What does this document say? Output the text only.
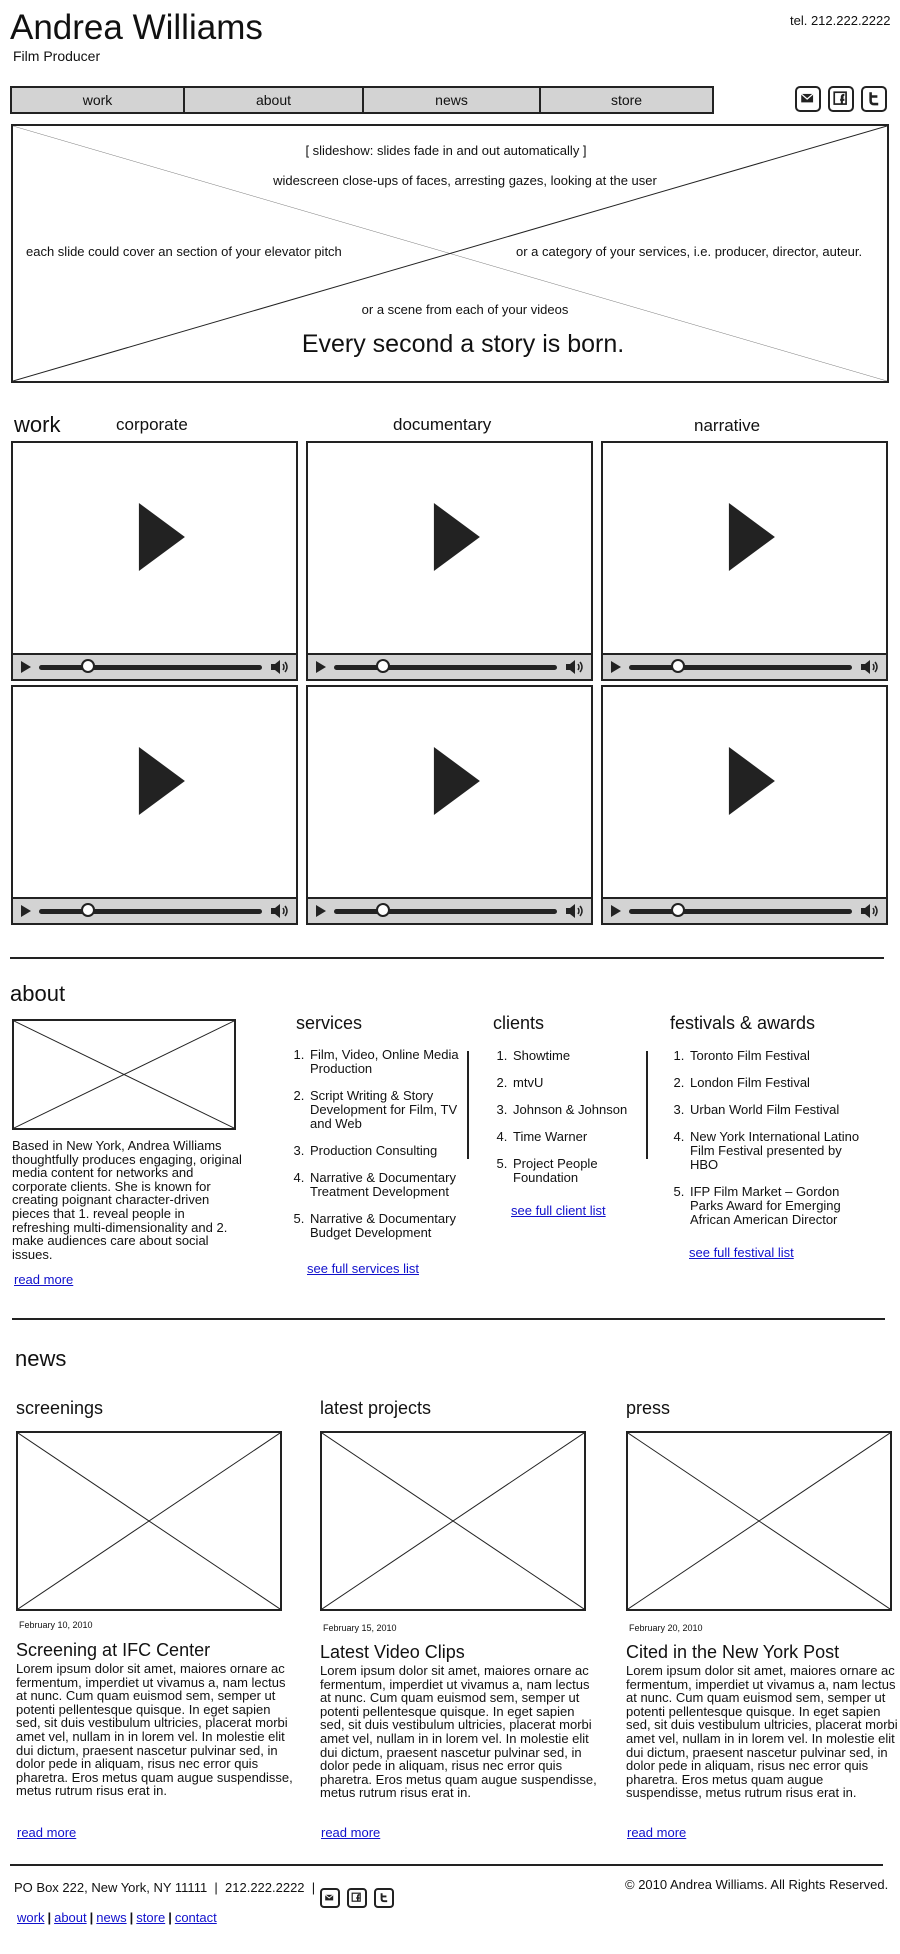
Andrea Williams
Film Producer
tel. 212.222.2222
work	about	news	store
[ slideshow: slides fade in and out automatically ]
widescreen close-ups of faces, arresting gazes, looking at the user
each slide could cover an section of your elevator pitch	or a category of your services, i.e. producer, director, auteur.
or a scene from each of your videos
Every second a story is born.
work	corporate	documentary	narrative
about
Based in New York, Andrea Williams thoughtfully produces engaging, original media content for networks and corporate clients. She is known for creating poignant character-driven pieces that 1. reveal people in refreshing multi-dimensionality and 2. make audiences care about social issues.
read more
services
1. Film, Video, Online Media Production
2. Script Writing & Story Development for Film, TV and Web
3. Production Consulting
4. Narrative & Documentary Treatment Development
5. Narrative & Documentary Budget Development
see full services list
clients
1. Showtime
2. mtvU
3. Johnson & Johnson
4. Time Warner
5. Project People Foundation
see full client list
festivals & awards
1. Toronto Film Festival
2. London Film Festival
3. Urban World Film Festival
4. New York International Latino Film Festival presented by HBO
5. IFP Film Market – Gordon Parks Award for Emerging African American Director
see full festival list
news
screenings
February 10, 2010
Screening at IFC Center
Lorem ipsum dolor sit amet, maiores ornare ac fermentum, imperdiet ut vivamus a, nam lectus at nunc. Cum quam euismod sem, semper ut potenti pellentesque quisque. In eget sapien sed, sit duis vestibulum ultricies, placerat morbi amet vel, nullam in in lorem vel. In molestie elit dui dictum, praesent nascetur pulvinar sed, in dolor pede in aliquam, risus nec error quis pharetra. Eros metus quam augue suspendisse, metus rutrum risus erat in.
read more
latest projects
February 15, 2010
Latest Video Clips
Lorem ipsum dolor sit amet, maiores ornare ac fermentum, imperdiet ut vivamus a, nam lectus at nunc. Cum quam euismod sem, semper ut potenti pellentesque quisque. In eget sapien sed, sit duis vestibulum ultricies, placerat morbi amet vel, nullam in in lorem vel. In molestie elit dui dictum, praesent nascetur pulvinar sed, in dolor pede in aliquam, risus nec error quis pharetra. Eros metus quam augue suspendisse, metus rutrum risus erat in.
read more
press
February 20, 2010
Cited in the New York Post
Lorem ipsum dolor sit amet, maiores ornare ac fermentum, imperdiet ut vivamus a, nam lectus at nunc. Cum quam euismod sem, semper ut potenti pellentesque quisque. In eget sapien sed, sit duis vestibulum ultricies, placerat morbi amet vel, nullam in in lorem vel. In molestie elit dui dictum, praesent nascetur pulvinar sed, in dolor pede in aliquam, risus nec error quis pharetra. Eros metus quam augue suspendisse, metus rutrum risus erat in.
read more
PO Box 222, New York, NY 11111  |  212.222.2222  |	© 2010 Andrea Williams. All Rights Reserved.
work | about | news | store | contact
